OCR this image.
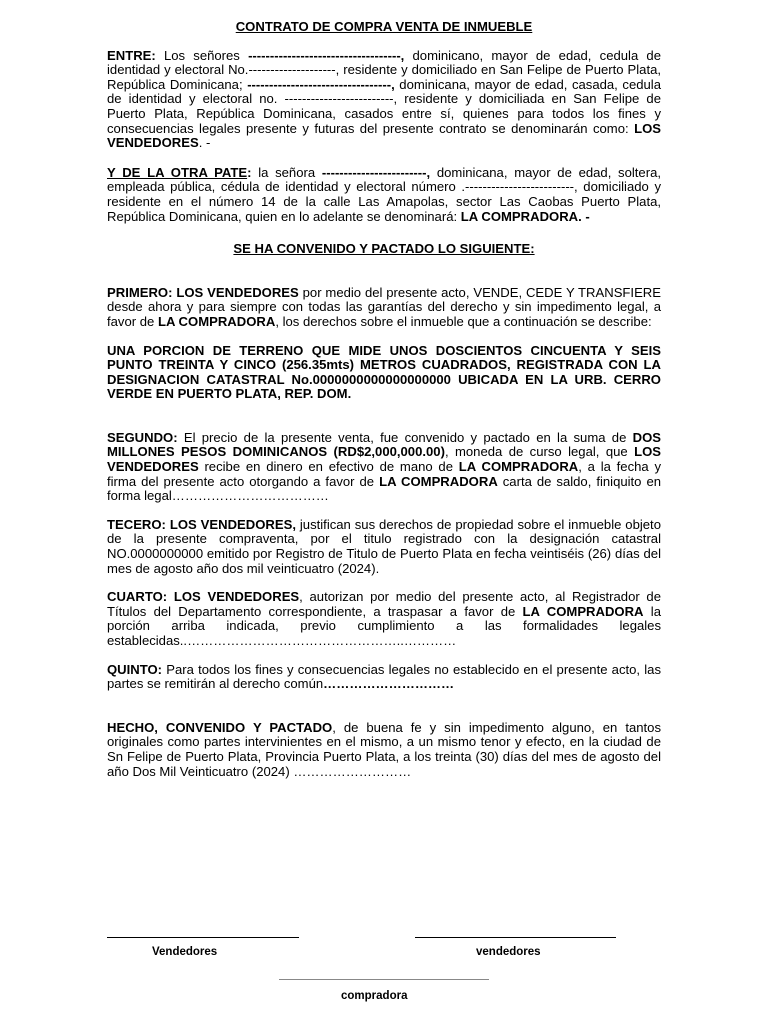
CONTRATO DE COMPRA VENTA DE INMUEBLE

ENTRE: Los señores -----------------------------------, dominicano, mayor de edad, cedula de identidad y electoral No.--------------------, residente y domiciliado en San Felipe de Puerto Plata, República Dominicana; ---------------------------------, dominicana, mayor de edad, casada, cedula de identidad y electoral no. -------------------------, residente y domiciliada en San Felipe de Puerto Plata, República Dominicana, casados entre sí, quienes para todos los fines y consecuencias legales presente y futuras del presente contrato se denominarán como: LOS VENDEDORES. -

Y DE LA OTRA PATE: la señora ------------------------, dominicana, mayor de edad, soltera, empleada pública, cédula de identidad y electoral número .-------------------------, domiciliado y residente en el número 14 de la calle Las Amapolas, sector Las Caobas Puerto Plata, República Dominicana, quien en lo adelante se denominará: LA COMPRADORA. -

SE HA CONVENIDO Y PACTADO LO SIGUIENTE:

PRIMERO: LOS VENDEDORES por medio del presente acto, VENDE, CEDE Y TRANSFIERE desde ahora y para siempre con todas las garantías del derecho y sin impedimento legal, a favor de LA COMPRADORA, los derechos sobre el inmueble que a continuación se describe:

UNA PORCION DE TERRENO QUE MIDE UNOS DOSCIENTOS CINCUENTA Y SEIS PUNTO TREINTA Y CINCO (256.35mts) METROS CUADRADOS, REGISTRADA CON LA DESIGNACION CATASTRAL No.0000000000000000000 UBICADA EN LA URB. CERRO VERDE EN PUERTO PLATA, REP. DOM.

SEGUNDO: El precio de la presente venta, fue convenido y pactado en la suma de DOS MILLONES PESOS DOMINICANOS (RD$2,000,000.00), moneda de curso legal, que LOS VENDEDORES recibe en dinero en efectivo de mano de LA COMPRADORA, a la fecha y firma del presente acto otorgando a favor de LA COMPRADORA carta de saldo, finiquito en forma legal………………………………

TECERO: LOS VENDEDORES, justifican sus derechos de propiedad sobre el inmueble objeto de la presente compraventa, por el titulo registrado con la designación catastral NO.0000000000 emitido por Registro de Titulo de Puerto Plata en fecha veintiséis (26) días del mes de agosto año dos mil veinticuatro (2024).

CUARTO: LOS VENDEDORES, autorizan por medio del presente acto, al Registrador de Títulos del Departamento correspondiente, a traspasar a favor de LA COMPRADORA la porción arriba indicada, previo cumplimiento a las formalidades legales establecidas..…………………………………………..…………

QUINTO: Para todos los fines y consecuencias legales no establecido en el presente acto, las partes se remitirán al derecho común…………………………

HECHO, CONVENIDO Y PACTADO, de buena fe y sin impedimento alguno, en tantos originales como partes intervinientes en el mismo, a un mismo tenor y efecto, en la ciudad de Sn Felipe de Puerto Plata, Provincia Puerto Plata, a los treinta (30) días del mes de agosto del año Dos Mil Veinticuatro (2024) ………………………

Vendedores	vendedores
compradora
